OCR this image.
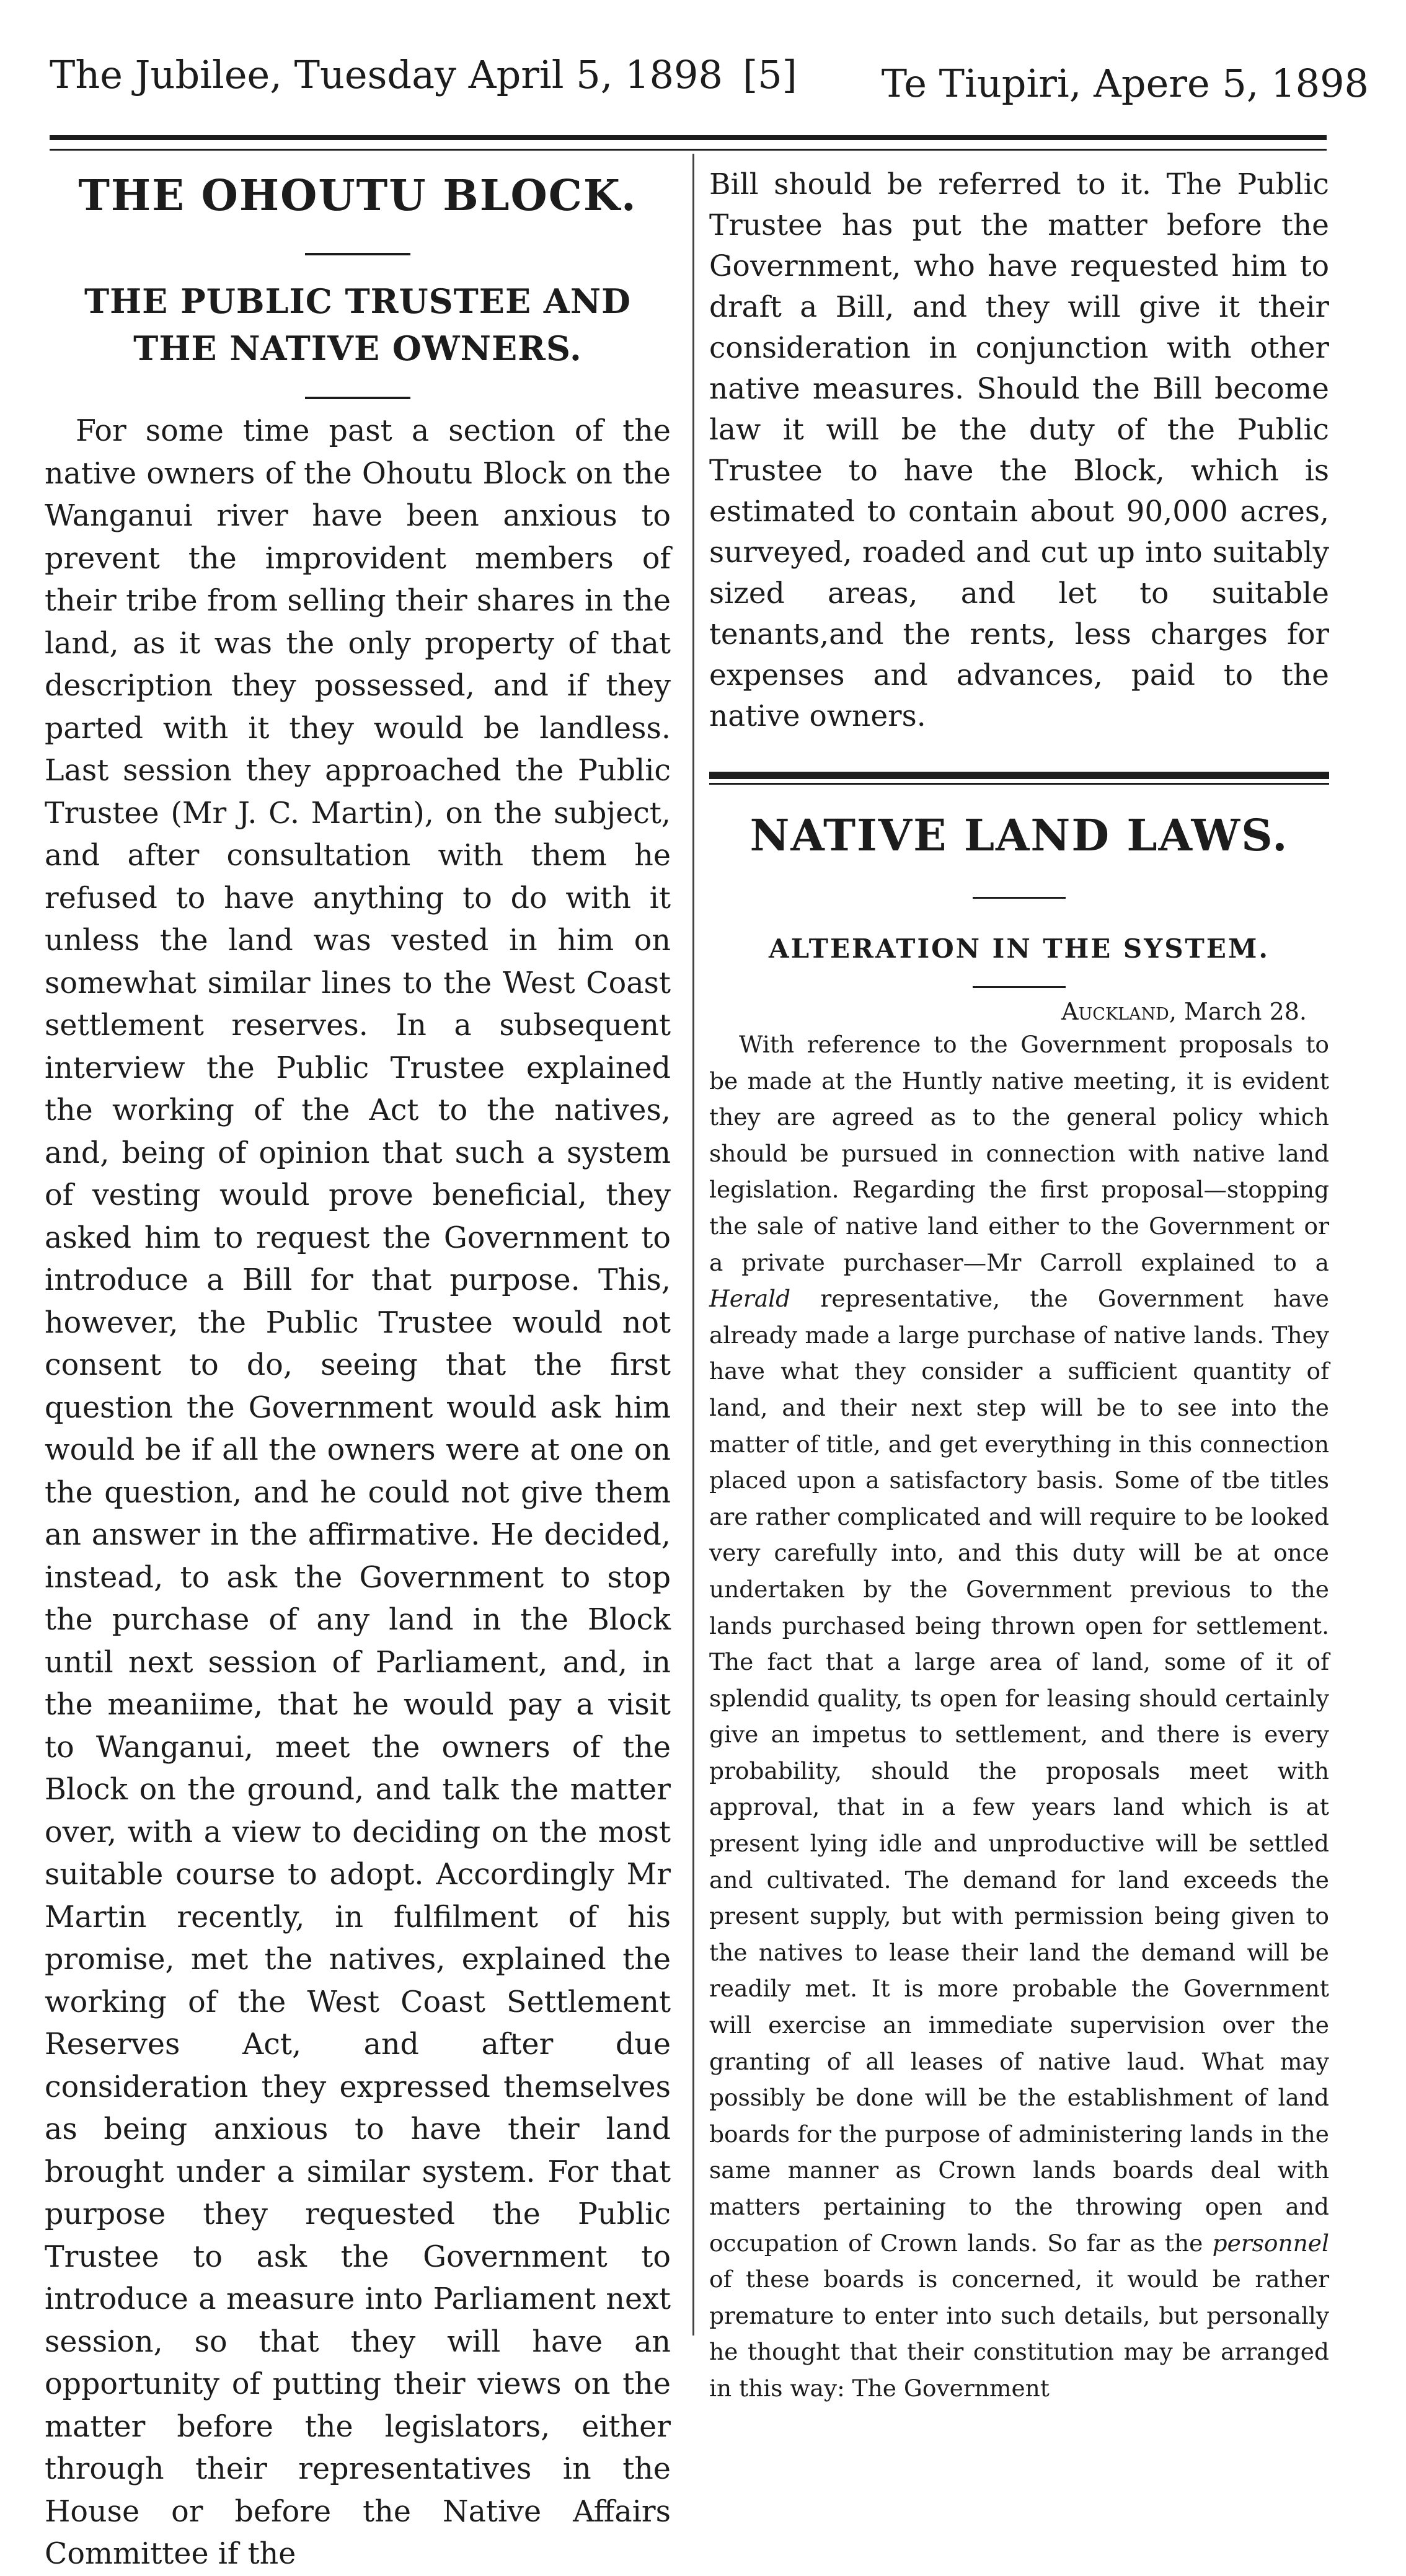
The Jubilee, Tuesday April 5, 1898 [5] Te Tiupiri, Apere 5, 1898
THE OHOUTU BLOCK.
THE PUBLIC TRUSTEE AND THE NATIVE OWNERS.

For some time past a section of the native owners of the Ohoutu Block on the Wanganui river have been anxious to prevent the improvident members of their tribe from selling their shares in the land, as it was the only property of that description they possessed, and if they parted with it they would be landless. Last session they approached the Public Trustee (Mr J. C. Martin), on the subject, and after consultation with them he refused to have anything to do with it unless the land was vested in him on somewhat similar lines to the West Coast settlement reserves. In a subsequent interview the Public Trustee explained the working of the Act to the natives, and, being of opinion that such a system of vesting would prove beneficial, they asked him to request the Government to introduce a Bill for that purpose. This, however, the Public Trustee would not consent to do, seeing that the first question the Government would ask him would be if all the owners were at one on the question, and he could not give them an answer in the affirmative. He decided, instead, to ask the Government to stop the purchase of any land in the Block until next session of Parliament, and, in the meaniime, that he would pay a visit to Wanganui, meet the owners of the Block on the ground, and talk the matter over, with a view to deciding on the most suitable course to adopt. Accordingly Mr Martin recently, in fulfilment of his promise, met the natives, explained the working of the West Coast Settlement Reserves Act, and after due consideration they expressed themselves as being anxious to have their land brought under a similar system. For that purpose they requested the Public Trustee to ask the Government to introduce a measure into Parliament next session, so that they will have an opportunity of putting their views on the matter before the legislators, either through their representatives in the House or before the Native Affairs Committee if the

Bill should be referred to it. The Public Trustee has put the matter before the Government, who have requested him to draft a Bill, and they will give it their consideration in conjunction with other native measures. Should the Bill become law it will be the duty of the Public Trustee to have the Block, which is estimated to contain about 90,000 acres, surveyed, roaded and cut up into suitably sized areas, and let to suitable tenants,and the rents, less charges for expenses and advances, paid to the native owners.

NATIVE LAND LAWS.
ALTERATION IN THE SYSTEM.

Auckland, March 28.

With reference to the Government proposals to be made at the Huntly native meeting, it is evident they are agreed as to the general policy which should be pursued in connection with native land legislation. Regarding the first proposal—stopping the sale of native land either to the Government or a private purchaser—Mr Carroll explained to a Herald representative, the Government have already made a large purchase of native lands. They have what they consider a sufficient quantity of land, and their next step will be to see into the matter of title, and get everything in this connection placed upon a satisfactory basis. Some of tbe titles are rather complicated and will require to be looked very carefully into, and this duty will be at once undertaken by the Government previous to the lands purchased being thrown open for settlement. The fact that a large area of land, some of it of splendid quality, ts open for leasing should certainly give an impetus to settlement, and there is every probability, should the proposals meet with approval, that in a few years land which is at present lying idle and unproductive will be settled and cultivated. The demand for land exceeds the present supply, but with permission being given to the natives to lease their land the demand will be readily met. It is more probable the Government will exercise an immediate supervision over the granting of all leases of native laud. What may possibly be done will be the establishment of land boards for the purpose of administering lands in the same manner as Crown lands boards deal with matters pertaining to the throwing open and occupation of Crown lands. So far as the personnel of these boards is concerned, it would be rather premature to enter into such details, but personally he thought that their constitution may be arranged in this way: The Government
